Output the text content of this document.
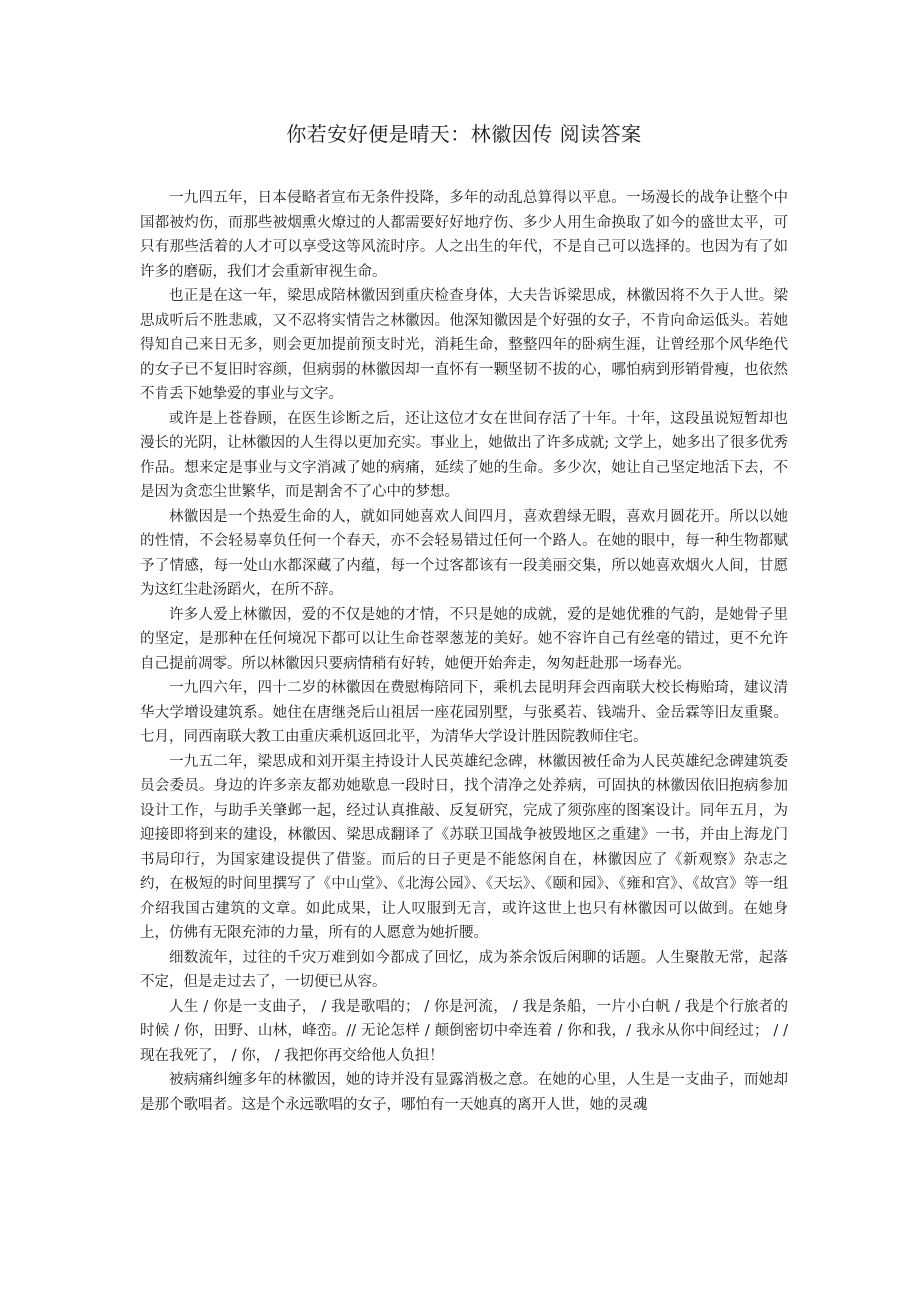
你若安好便是晴天：林徽因传 阅读答案

一九四五年，日本侵略者宣布无条件投降，多年的动乱总算得以平息。一场漫长的战争让整个中国都被灼伤，而那些被烟熏火燎过的人都需要好好地疗伤、多少人用生命换取了如今的盛世太平，可只有那些活着的人才可以享受这等风流时序。人之出生的年代，不是自己可以选择的。也因为有了如许多的磨砺，我们才会重新审视生命。

也正是在这一年，梁思成陪林徽因到重庆检查身体，大夫告诉梁思成，林徽因将不久于人世。梁思成听后不胜悲戚，又不忍将实情告之林徽因。他深知徽因是个好强的女子，不肯向命运低头。若她得知自己来日无多，则会更加提前预支时光，消耗生命，整整四年的卧病生涯，让曾经那个风华绝代的女子已不复旧时容颜，但病弱的林徽因却一直怀有一颗坚韧不拔的心，哪怕病到形销骨瘦，也依然不肯丢下她挚爱的事业与文字。

或许是上苍眷顾，在医生诊断之后，还让这位才女在世间存活了十年。十年，这段虽说短暂却也漫长的光阴，让林徽因的人生得以更加充实。事业上，她做出了许多成就; 文学上，她多出了很多优秀作品。想来定是事业与文字消减了她的病痛，延续了她的生命。多少次，她让自己坚定地活下去，不是因为贪恋尘世繁华，而是割舍不了心中的梦想。

林徽因是一个热爱生命的人，就如同她喜欢人间四月，喜欢碧绿无暇，喜欢月圆花开。所以以她的性情，不会轻易辜负任何一个春天，亦不会轻易错过任何一个路人。在她的眼中，每一种生物都赋予了情感，每一处山水都深藏了内蕴，每一个过客都该有一段美丽交集，所以她喜欢烟火人间，甘愿为这红尘赴汤蹈火，在所不辞。

许多人爱上林徽因，爱的不仅是她的才情，不只是她的成就，爱的是她优雅的气韵，是她骨子里的坚定，是那种在任何境况下都可以让生命苍翠葱茏的美好。她不容许自己有丝毫的错过，更不允许自己提前凋零。所以林徽因只要病情稍有好转，她便开始奔走，匆匆赶赴那一场春光。

一九四六年，四十二岁的林徽因在费慰梅陪同下，乘机去昆明拜会西南联大校长梅贻琦，建议清华大学增设建筑系。她住在唐继尧后山祖居一座花园别墅，与张奚若、钱端升、金岳霖等旧友重聚。七月，同西南联大教工由重庆乘机返回北平，为清华大学设计胜因院教师住宅。

一九五二年，梁思成和刘开渠主持设计人民英雄纪念碑，林徽因被任命为人民英雄纪念碑建筑委员会委员。身边的许多亲友都劝她歇息一段时日，找个清净之处养病，可固执的林徽因依旧抱病参加设计工作，与助手关肇邺一起，经过认真推敲、反复研究，完成了须弥座的图案设计。同年五月，为迎接即将到来的建设，林徽因、梁思成翻译了《苏联卫国战争被毁地区之重建》一书，并由上海龙门书局印行，为国家建设提供了借鉴。而后的日子更是不能悠闲自在，林徽因应了《新观察》杂志之约，在极短的时间里撰写了《中山堂》、《北海公园》、《天坛》、《颐和园》、《雍和宫》、《故宫》等一组介绍我国古建筑的文章。如此成果，让人叹服到无言，或许这世上也只有林徽因可以做到。在她身上，仿佛有无限充沛的力量，所有的人愿意为她折腰。

细数流年，过往的千灾万难到如今都成了回忆，成为茶余饭后闲聊的话题。人生聚散无常，起落不定，但是走过去了，一切便已从容。

人生 / 你是一支曲子， / 我是歌唱的； / 你是河流， / 我是条船，一片小白帆 / 我是个行旅者的时候 / 你，田野、山林，峰峦。// 无论怎样 / 颠倒密切中牵连着 / 你和我，/ 我永从你中间经过； / / 现在我死了， / 你， / 我把你再交给他人负担！

被病痛纠缠多年的林徽因，她的诗并没有显露消极之意。在她的心里，人生是一支曲子，而她却是那个歌唱者。这是个永远歌唱的女子，哪怕有一天她真的离开人世，她的灵魂
